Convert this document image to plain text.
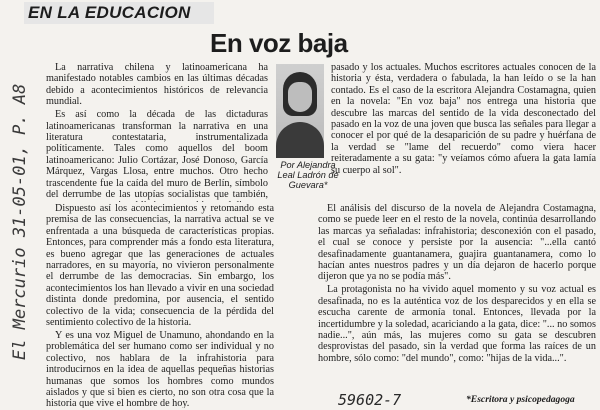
EN LA EDUCACION
En voz baja

La narrativa chilena y latinoamericana ha manifestado notables cambios en las últimas décadas debido a acontecimientos históricos de relevancia mundial.

Es así como la década de las dictaduras latinoamericanas transforman la narrativa en una literatura contestataria, instrumentalizada políticamente. Tales como aquellos del boom latinoamericano: Julio Cortázar, José Donoso, García Márquez, Vargas Llosa, entre muchos. Otro hecho trascendente fue la caída del muro de Berlín, símbolo del derrumbe de las utopías socialistas que también,

Por Alejandra Leal Ladrón de Guevara*

pasado y los actuales. Muchos escritores actuales conocen de la historia y ésta, verdadera o fabulada, la han leído o se la han contado. Es el caso de la escritora Alejandra Costamagna, quien en la novela: "En voz baja" nos entrega una historia que descubre las marcas del sentido de la vida desconectado del pasado en la voz de una joven que busca las señales para llegar a conocer el por qué de la desaparición de su padre y huérfana de la verdad se "lame del recuerdo" como viera hacer reiteradamente a su gata: "y veíamos cómo afuera la gata lamía su cuerpo al sol".

Dispuesto así los acontecimientos y retomando esta premisa de las consecuencias, la narrativa actual se ve enfrentada a una búsqueda de características propias. Entonces, para comprender más a fondo esta literatura, es bueno agregar que las generaciones de actuales narradores, en su mayoría, no vivieron personalmente el derrumbe de las democracias. Sin embargo, los acontecimientos los han llevado a vivir en una sociedad distinta donde predomina, por ausencia, el sentido colectivo de la vida; consecuencia de la pérdida del sentimiento colectivo de la historia.

Y es una voz Miguel de Unamuno, ahondando en la problemática del ser humano como ser individual y no colectivo, nos hablara de la infrahistoria para introducirnos en la idea de aquellas pequeñas historias humanas que somos los hombres como mundos aislados y que si bien es cierto, no son otra cosa que la historia que vive el hombre de hoy.

El análisis del discurso de la novela de Alejandra Costamagna, como se puede leer en el resto de la novela, continúa desarrollando las marcas ya señaladas: infrahistoria; desconexión con el pasado, el cual se conoce y persiste por la ausencia: "...ella cantó desafinadamente guantanamera, guajira guantanamera, como lo hacían antes nuestros padres y un día dejaron de hacerlo porque dijeron que ya no se podía más".

La protagonista no ha vivido aquel momento y su voz actual es desafinada, no es la auténtica voz de los desparecidos y en ella se escucha carente de armonía tonal. Entonces, llevada por la incertidumbre y la soledad, acariciando a la gata, dice: "... no somos nadie...", aún más, las mujeres como su gata se descubren desprovistas del pasado, sin la verdad que forma las raíces de un hombre, sólo como: "del mundo", como: "hijas de la vida...".

El Mercurio 31-05-01, P. A8
59602-7	*Escritora y psicopedagoga
